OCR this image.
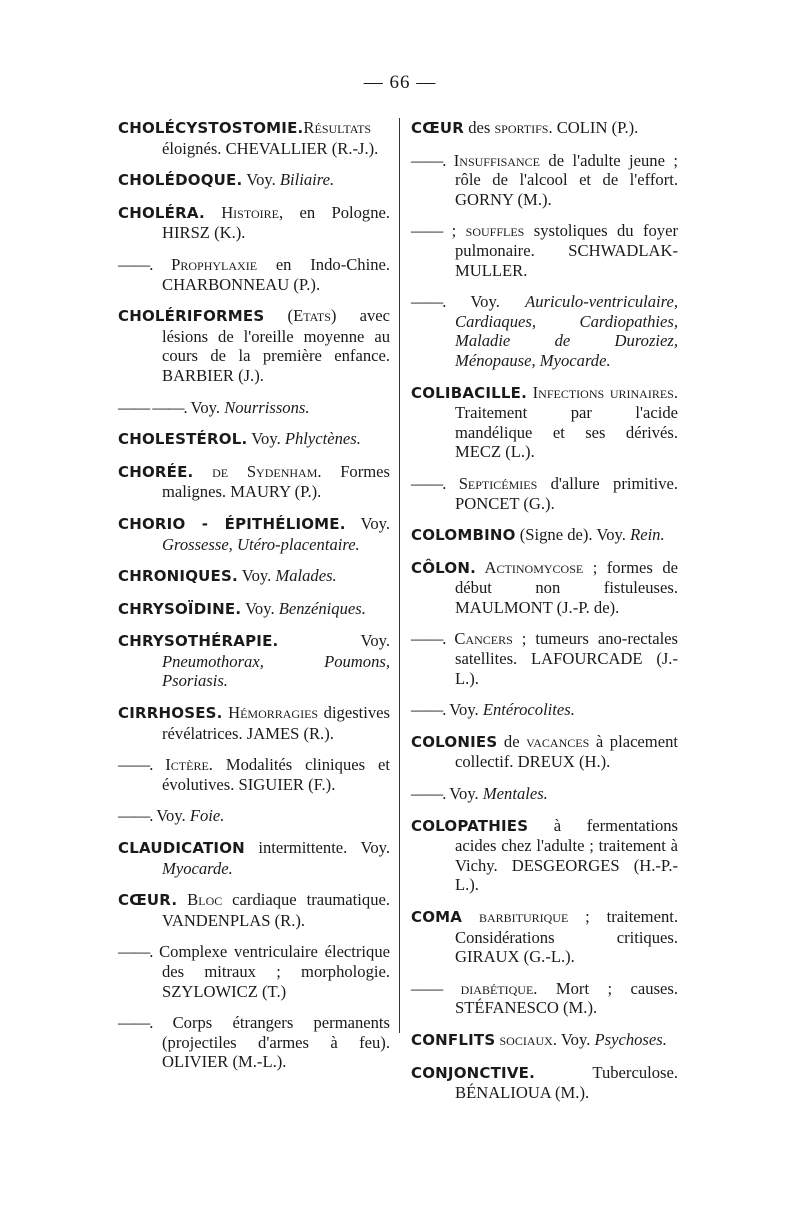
— 66 —

CHOLÉCYSTOSTOMIE.Résultats éloignés. CHEVALLIER (R.-J.).

CHOLÉDOQUE. Voy. Biliaire.

CHOLÉRA. Histoire, en Pologne. HIRSZ (K.).

——. Prophylaxie en Indo-Chine. CHARBONNEAU (P.).

CHOLÉRIFORMES (Etats) avec lésions de l'oreille moyenne au cours de la première enfance. BARBIER (J.).

—— ——. Voy. Nourrissons.

CHOLESTÉROL. Voy. Phlyctènes.

CHORÉE. de Sydenham. Formes malignes. MAURY (P.).

CHORIO - ÉPITHÉLIOME. Voy. Grossesse, Utéro-placentaire.

CHRONIQUES. Voy. Malades.

CHRYSOÏDINE. Voy. Benzéniques.

CHRYSOTHÉRAPIE. Voy. Pneumothorax, Poumons, Psoriasis.

CIRRHOSES. Hémorragies digestives révélatrices. JAMES (R.).

——. Ictère. Modalités cliniques et évolutives. SIGUIER (F.).

——. Voy. Foie.

CLAUDICATION intermittente. Voy. Myocarde.

CŒUR. Bloc cardiaque traumatique. VANDENPLAS (R.).

——. Complexe ventriculaire électrique des mitraux ; morphologie. SZYLOWICZ (T.)

——. Corps étrangers permanents (projectiles d'armes à feu). OLIVIER (M.-L.).

CŒUR des sportifs. COLIN (P.).

——. Insuffisance de l'adulte jeune ; rôle de l'alcool et de l'effort. GORNY (M.).

—— ; souffles systoliques du foyer pulmonaire. SCHWADLAK-MULLER.

——. Voy. Auriculo-ventriculaire, Cardiaques, Cardiopathies, Maladie de Duroziez, Ménopause, Myocarde.

COLIBACILLE. Infections urinaires. Traitement par l'acide mandélique et ses dérivés. MECZ (L.).

——. Septicémies d'allure primitive. PONCET (G.).

COLOMBINO (Signe de). Voy. Rein.

CÔLON. Actinomycose ; formes de début non fistuleuses. MAULMONT (J.-P. de).

——. Cancers ; tumeurs ano-rectales satellites. LAFOURCADE (J.-L.).

——. Voy. Entérocolites.

COLONIES de vacances à placement collectif. DREUX (H.).

——. Voy. Mentales.

COLOPATHIES à fermentations acides chez l'adulte ; traitement à Vichy. DESGEORGES (H.-P.-L.).

COMA barbiturique ; traitement. Considérations critiques. GIRAUX (G.-L.).

—— diabétique. Mort ; causes. STÉFANESCO (M.).

CONFLITS sociaux. Voy. Psychoses.

CONJONCTIVE. Tuberculose. BÉNALIOUA (M.).
